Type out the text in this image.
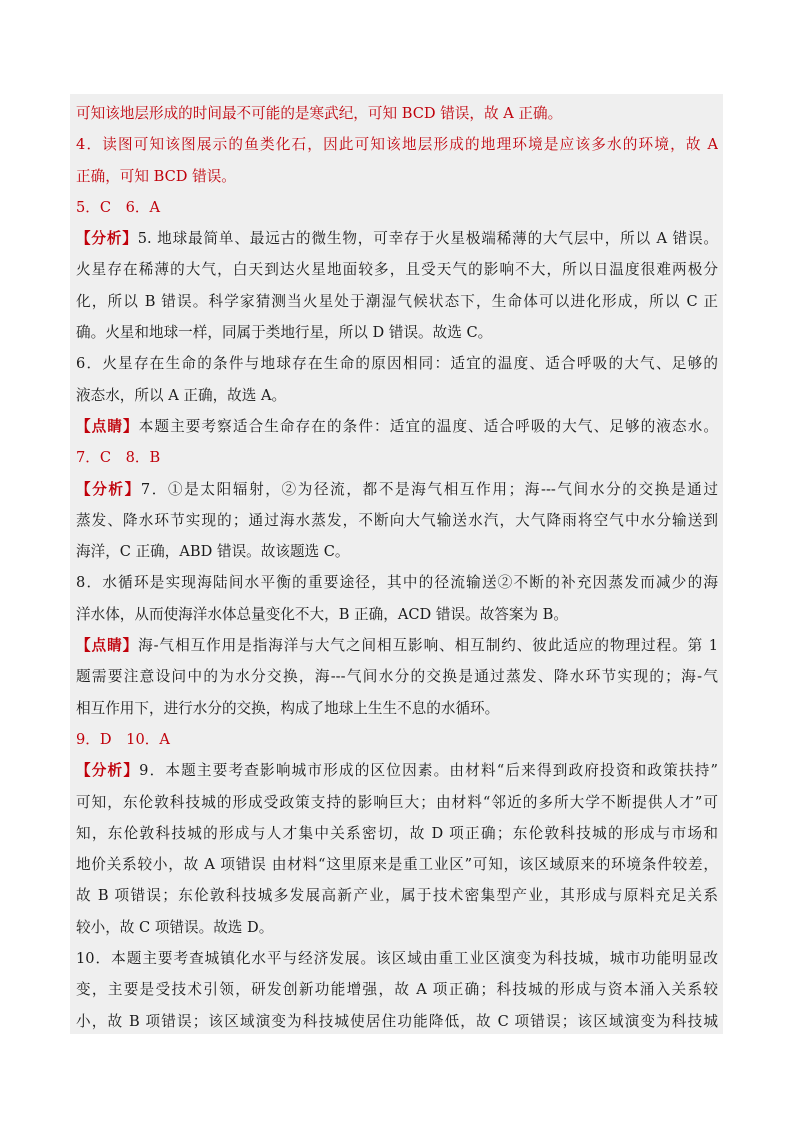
可知该地层形成的时间最不可能的是寒武纪，可知 BCD 错误，故 A 正确。
4．读图可知该图展示的鱼类化石，因此可知该地层形成的地理环境是应该多水的环境，故 A
正确，可知 BCD 错误。
5．C　6．A
【分析】5. 地球最简单、最远古的微生物，可幸存于火星极端稀薄的大气层中，所以 A 错误。
火星存在稀薄的大气，白天到达火星地面较多，且受天气的影响不大，所以日温度很难两极分
化，所以 B 错误。科学家猜测当火星处于潮湿气候状态下，生命体可以进化形成，所以 C 正
确。火星和地球一样，同属于类地行星，所以 D 错误。故选 C。
6．火星存在生命的条件与地球存在生命的原因相同：适宜的温度、适合呼吸的大气、足够的
液态水，所以 A 正确，故选 A。
【点睛】本题主要考察适合生命存在的条件：适宜的温度、适合呼吸的大气、足够的液态水。
7．C　8．B
【分析】7．①是太阳辐射，②为径流，都不是海气相互作用；海---气间水分的交换是通过
蒸发、降水环节实现的；通过海水蒸发，不断向大气输送水汽，大气降雨将空气中水分输送到
海洋，C 正确，ABD 错误。故该题选 C。
8．水循环是实现海陆间水平衡的重要途径，其中的径流输送②不断的补充因蒸发而减少的海
洋水体，从而使海洋水体总量变化不大，B 正确，ACD 错误。故答案为 B。
【点睛】海-气相互作用是指海洋与大气之间相互影响、相互制约、彼此适应的物理过程。第 1
题需要注意设问中的为水分交换，海---气间水分的交换是通过蒸发、降水环节实现的；海-气
相互作用下，进行水分的交换，构成了地球上生生不息的水循环。
9．D　10．A
【分析】9．本题主要考查影响城市形成的区位因素。由材料“后来得到政府投资和政策扶持”
可知，东伦敦科技城的形成受政策支持的影响巨大；由材料“邻近的多所大学不断提供人才”可
知，东伦敦科技城的形成与人才集中关系密切，故 D 项正确；东伦敦科技城的形成与市场和
地价关系较小，故 A 项错误 由材料“这里原来是重工业区”可知，该区域原来的环境条件较差，
故 B 项错误；东伦敦科技城多发展高新产业，属于技术密集型产业，其形成与原料充足关系
较小，故 C 项错误。故选 D。
10．本题主要考查城镇化水平与经济发展。该区域由重工业区演变为科技城，城市功能明显改
变，主要是受技术引领，研发创新功能增强，故 A 项正确；科技城的形成与资本涌入关系较
小，故 B 项错误；该区域演变为科技城使居住功能降低，故 C 项错误；该区域演变为科技城
